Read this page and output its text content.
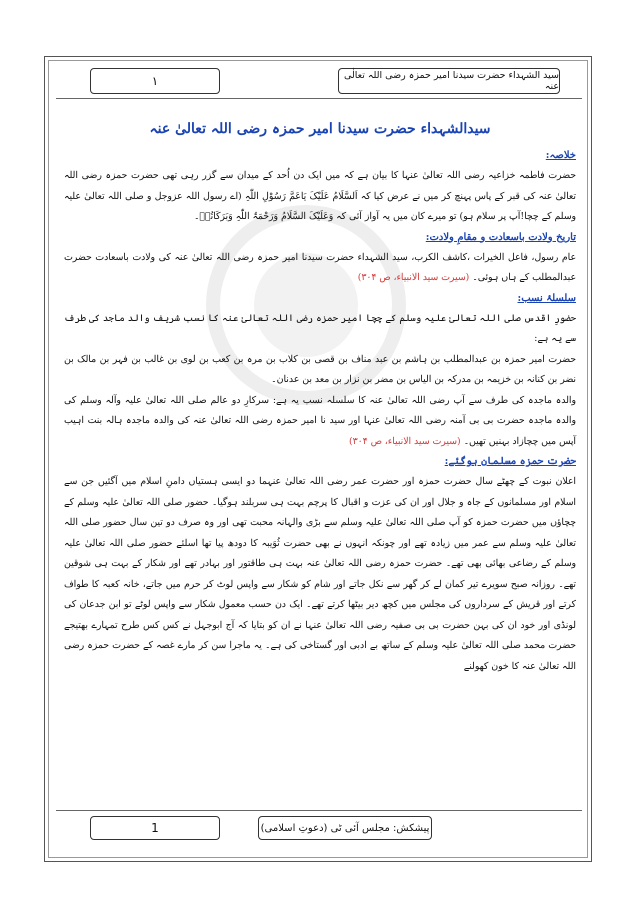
۱	سید الشہداء حضرت سیدنا امیر حمزہ رضی اللہ تعالٰی عنہ
سیدالشہداء حضرت سیدنا امیر حمزہ رضی اللہ تعالیٰ عنہ
خلاصہ:

حضرت فاطمہ خزاعیہ رضی اللہ تعالیٰ عنہا کا بیان ہے کہ میں ایک دن اُحد کے میدان سے گزر رہی تھی حضرت حمزہ رضی اللہ تعالیٰ عنہ کی قبر کے پاس پہنچ کر میں نے عرض کیا کہ اَلسَّلَامُ عَلَیْکَ یَاعَمَّ رَسُوْلِ اللّٰہِ (اے رسول اللہ عزوجل و صلی اللہ تعالیٰ علیہ وسلم کے چچا!آپ پر سلام ہو) تو میرے کان میں یہ آواز آئی کہ وَعَلَیْکَ السَّلَامُ وَرَحْمَۃُ اللّٰہِ وَبَرَکَاتُہٗ۔

تاریخ ولادت باسعادت و مقامِ ولادت:

عام رسول، فاعل الخیرات ،کاشف الکرب، سید الشہداء حضرت سیدنا امیر حمزہ رضی اللہ تعالیٰ عنہ کی ولادت باسعادت حضرت عبدالمطلب کے ہاں ہوئی۔ (سیرت سید الانبیاء، ص ۳۰۴)

سلسلۂ نسب:

حضورِ اقدس صلی اللہ تعالیٰ علیہ وسلم کے چچا امیر حمزہ رضی اللہ تعالیٰ عنہ کا نسب شریف والد ماجد کی طرف سے یہ ہے:

حضرت امیر حمزہ بن عبدالمطلب بن ہاشم بن عبد مناف بن قصی بن کلاب بن مرہ بن کعب بن لوی بن غالب بن فہر بن مالک بن نضر بن کنانہ بن خزیمہ بن مدرکہ بن الیاس بن مضر بن نزار بن معد بن عدنان۔

والدہ ماجدہ کی طرف سے آپ رضی اللہ تعالیٰ عنہ کا سلسلہ نسب یہ ہے: سرکارِ دو عالم صلی اللہ تعالیٰ علیہ وآلہ وسلم کی والدہ ماجدہ حضرت بی بی آمنہ رضی اللہ تعالیٰ عنہا اور سید نا امیر حمزہ رضی اللہ تعالیٰ عنہ کی والدہ ماجدہ ہالہ بنت اہیب آپس میں چچازاد بہنیں تھیں۔ (سیرت سید الانبیاء، ص ۳۰۴)

حضرت حمزہ مسلمان ہوگئے:

اعلان نبوت کے چھٹے سال حضرت حمزہ اور حضرت عمر رضی اللہ تعالیٰ عنہما دو ایسی ہستیاں دامنِ اسلام میں آگئیں جن سے اسلام اور مسلمانوں کے جاہ و جلال اور ان کی عزت و اقبال کا پرچم بہت ہی سربلند ہوگیا۔ حضور صلی اللہ تعالیٰ علیہ وسلم کے چچاؤں میں حضرت حمزہ کو آپ صلی اللہ تعالیٰ علیہ وسلم سے بڑی والہانہ محبت تھی اور وہ صرف دو تین سال حضور صلی اللہ تعالیٰ علیہ وسلم سے عمر میں زیادہ تھے اور چونکہ انہوں نے بھی حضرت ثُوَیبہ کا دودھ پیا تھا اسلئے حضور صلی اللہ تعالیٰ علیہ وسلم کے رضاعی بھائی بھی تھے۔ حضرت حمزہ رضی اللہ تعالیٰ عنہ بہت ہی طاقتور اور بہادر تھے اور شکار کے بہت ہی شوقین تھے۔ روزانہ صبح سویرے تیر کمان لے کر گھر سے نکل جاتے اور شام کو شکار سے واپس لوٹ کر حرم میں جاتے، خانہ کعبہ کا طواف کرتے اور قریش کے سرداروں کی مجلس میں کچھ دیر بیٹھا کرتے تھے۔ ایک دن حسب معمول شکار سے واپس لوٹے تو ابن جدعان کی لونڈی اور خود ان کی بہن حضرت بی بی صفیہ رضی اللہ تعالیٰ عنہا نے ان کو بتایا کہ آج ابوجہل نے کس کس طرح تمہارے بھتیجے حضرت محمد صلی اللہ تعالیٰ علیہ وسلم کے ساتھ بے ادبی اور گستاخی کی ہے۔ یہ ماجرا سن کر مارے غصہ کے حضرت حمزہ رضی اللہ تعالیٰ عنہ کا خون کھولنے

1	پیشکش: مجلس آئی ٹی (دعوتِ اسلامی)
